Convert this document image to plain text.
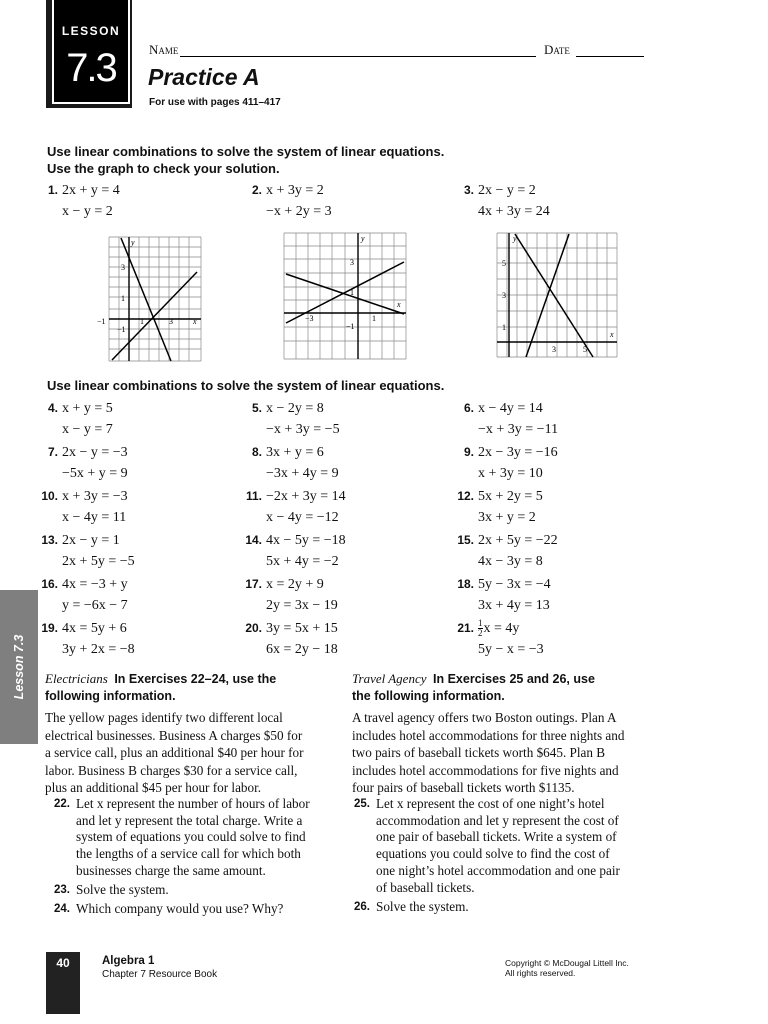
LESSON
7.3	Name	Date
Practice A
For use with pages 411–417
Use linear combinations to solve the system of linear equations.
Use the graph to check your solution.
1. 2x + y = 4
x − y = 2
2. x + 3y = 2
−x + 2y = 3
3. 2x − y = 2
4x + 3y = 24
−1	1	3	x
y
3
1
−1
−3	1
x
y
3
1
−1
3	5
x
y
5
3
1
Use linear combinations to solve the system of linear equations.
4. x + y = 5
x − y = 7
5. x − 2y = 8
−x + 3y = −5
6. x − 4y = 14
−x + 3y = −11
7. 2x − y = −3
−5x + y = 9
8. 3x + y = 6
−3x + 4y = 9
9. 2x − 3y = −16
x + 3y = 10
10. x + 3y = −3
x − 4y = 11
11. −2x + 3y = 14
x − 4y = −12
12. 5x + 2y = 5
3x + y = 2
13. 2x − y = 1
2x + 5y = −5
14. 4x − 5y = −18
5x + 4y = −2
15. 2x + 5y = −22
4x − 3y = 8
16. 4x = −3 + y
y = −6x − 7
17. x = 2y + 9
2y = 3x − 19
18. 5y − 3x = −4
3x + 4y = 13
19. 4x = 5y + 6
3y + 2x = −8
20. 3y = 5x + 15
6x = 2y − 18
21. $\frac{1}{2}$ x = 4y
5y − x = −3
Lesson 7.3 Electricians In Exercises 22–24, use the
following information.
The yellow pages identify two different local
electrical businesses. Business A charges $50 for
a service call, plus an additional $40 per hour for
labor. Business B charges $30 for a service call,
plus an additional $45 per hour for labor.
22. Let x represent the number of hours of labor
and let y represent the total charge. Write a
system of equations you could solve to find
the lengths of a service call for which both
businesses charge the same amount.
23. Solve the system.
24. Which company would you use? Why?
Travel Agency In Exercises 25 and 26, use
the following information.
A travel agency offers two Boston outings. Plan A
includes hotel accommodations for three nights and
two pairs of baseball tickets worth $645. Plan B
includes hotel accommodations for five nights and
four pairs of baseball tickets worth $1135.
25. Let x represent the cost of one night’s hotel
accommodation and let y represent the cost of
one pair of baseball tickets. Write a system of
equations you could solve to find the cost of
one night’s hotel accommodation and one pair
of baseball tickets.
26. Solve the system.
40	Algebra 1
Chapter 7 Resource Book
Copyright © McDougal Littell Inc.
All rights reserved.
